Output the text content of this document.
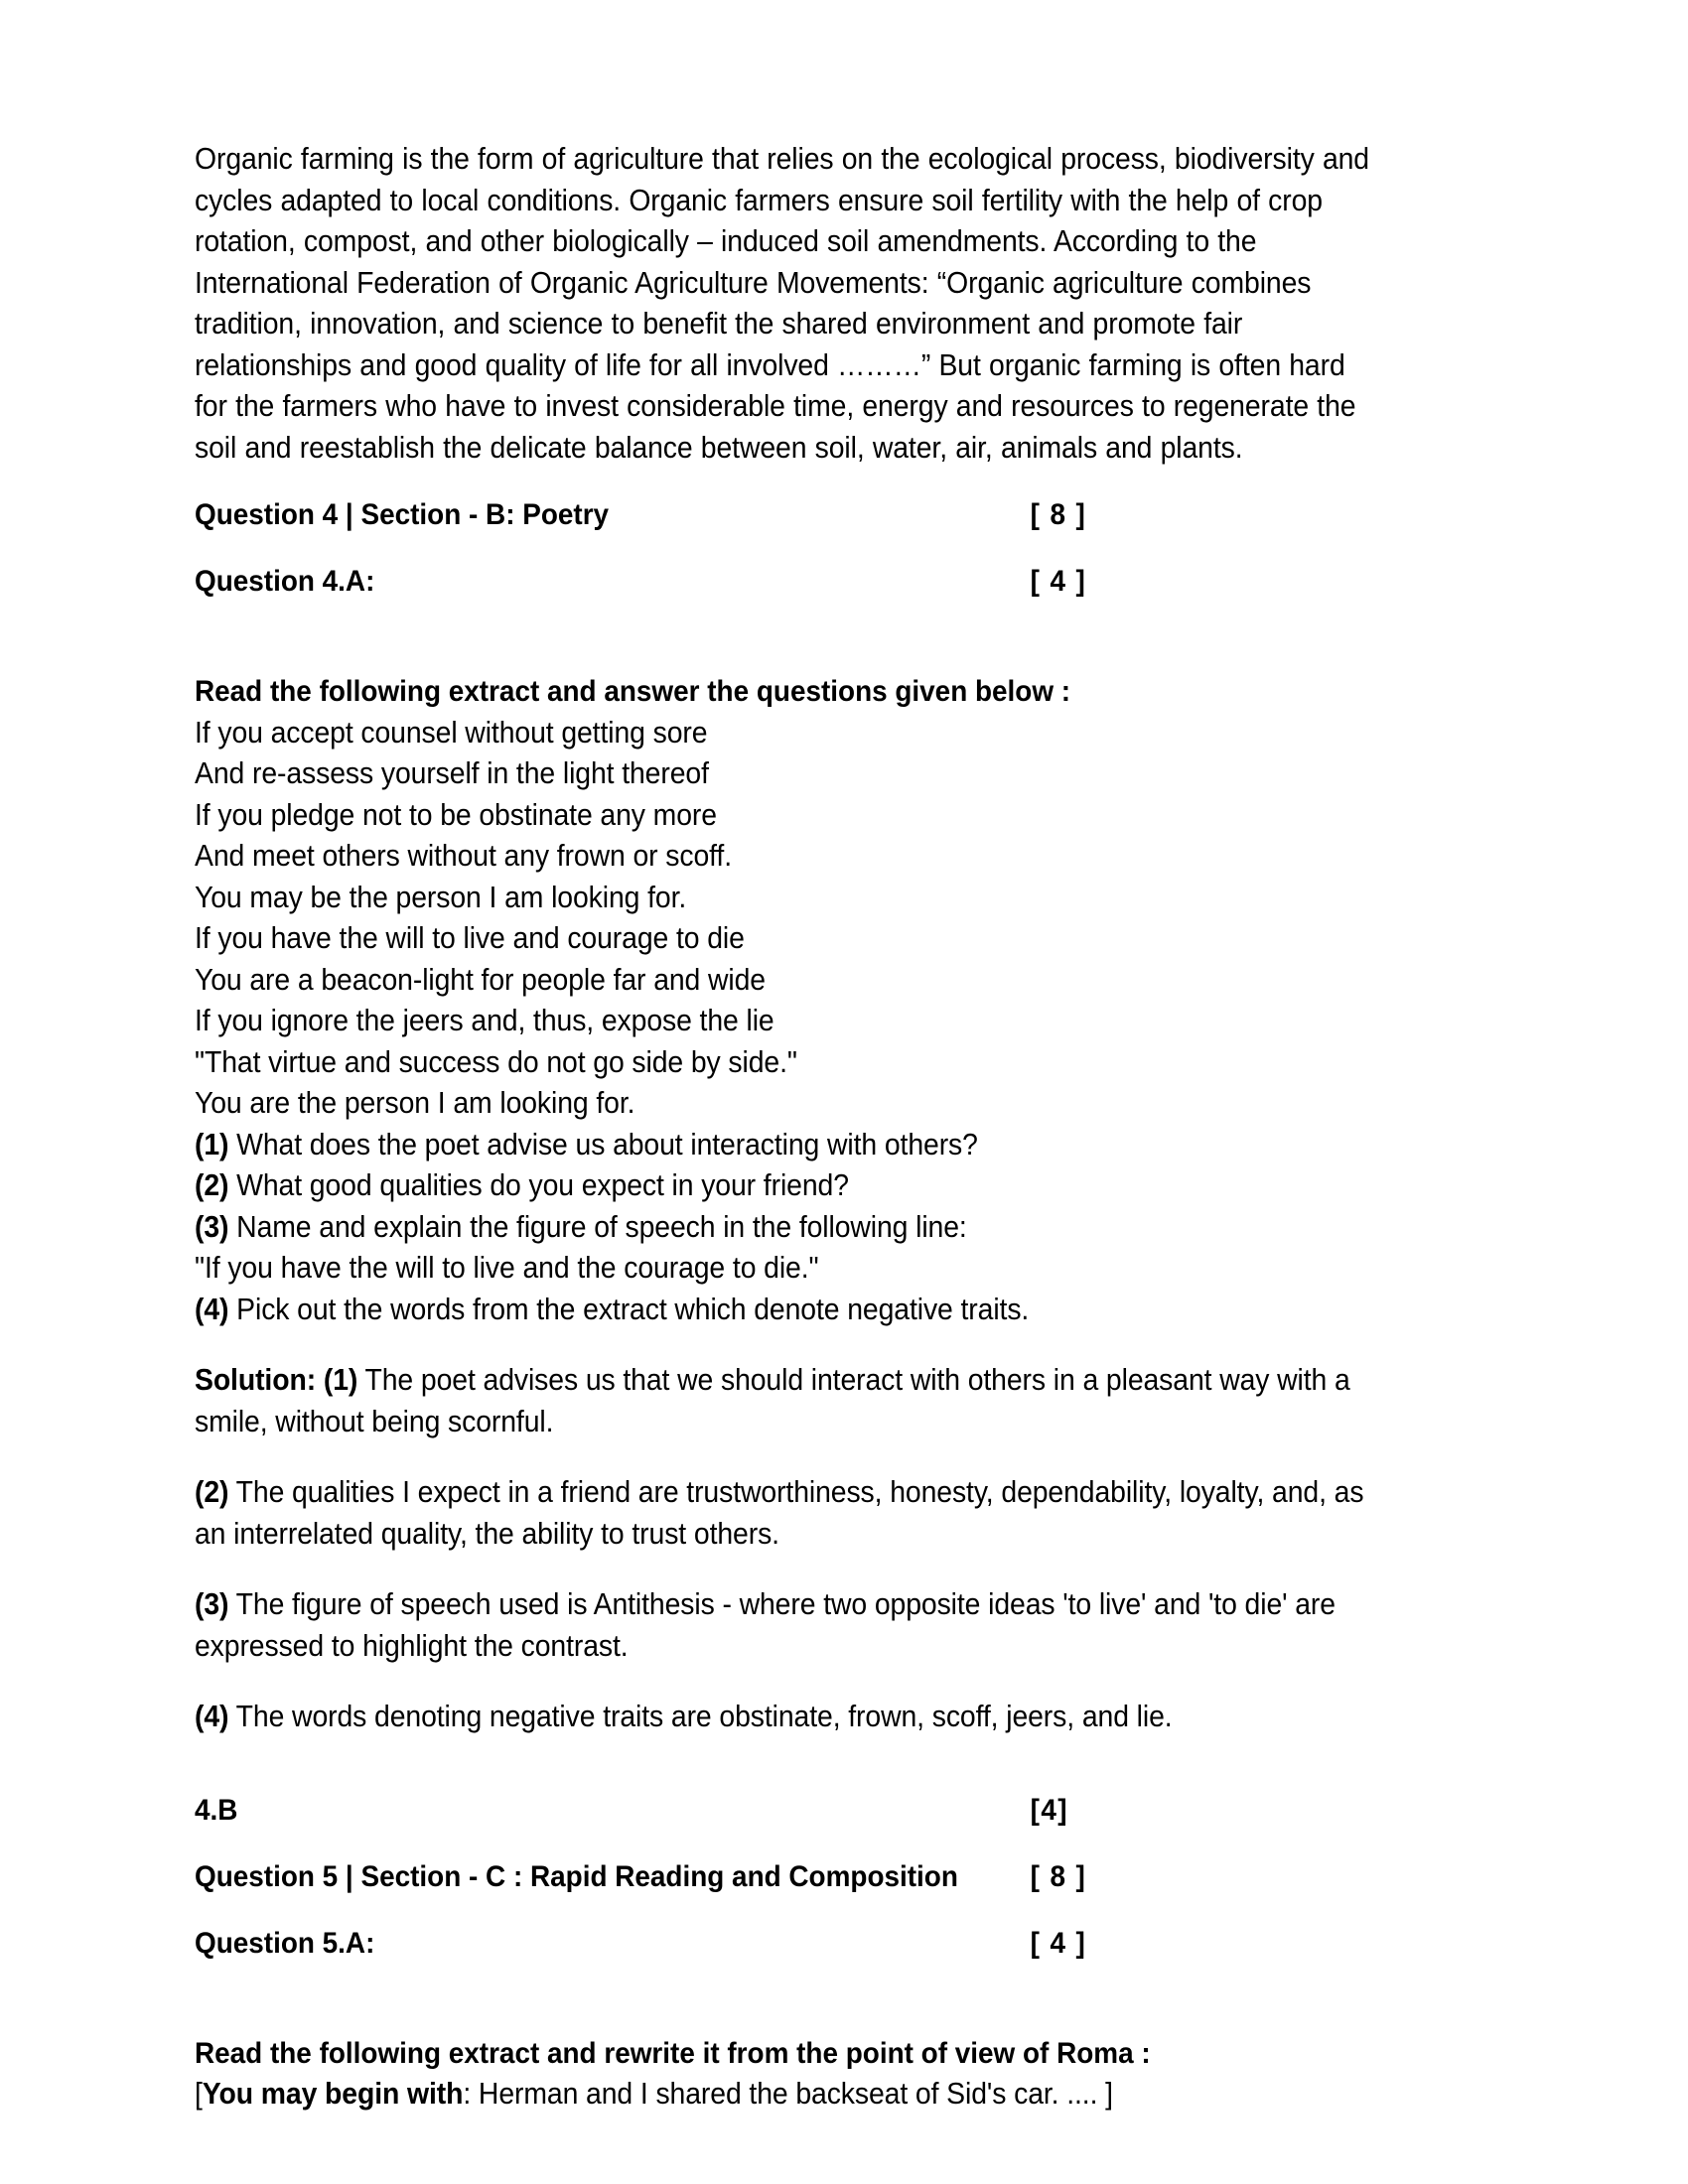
Organic farming is the form of agriculture that relies on the ecological process, biodiversity and cycles adapted to local conditions. Organic farmers ensure soil fertility with the help of crop rotation, compost, and other biologically – induced soil amendments. According to the International Federation of Organic Agriculture Movements: “Organic agriculture combines tradition, innovation, and science to benefit the shared environment and promote fair relationships and good quality of life for all involved ………” But organic farming is often hard for the farmers who have to invest considerable time, energy and resources to regenerate the soil and reestablish the delicate balance between soil, water, air, animals and plants.

Question 4 | Section - B: Poetry	[ 8 ]
Question 4.A:	[ 4 ]
Read the following extract and answer the questions given below :
If you accept counsel without getting sore
And re-assess yourself in the light thereof
If you pledge not to be obstinate any more
And meet others without any frown or scoff.
You may be the person I am looking for.
If you have the will to live and courage to die
You are a beacon-light for people far and wide
If you ignore the jeers and, thus, expose the lie
"That virtue and success do not go side by side."
You are the person I am looking for.
(1) What does the poet advise us about interacting with others?
(2) What good qualities do you expect in your friend?
(3) Name and explain the figure of speech in the following line:
"If you have the will to live and the courage to die."
(4) Pick out the words from the extract which denote negative traits.

Solution: (1) The poet advises us that we should interact with others in a pleasant way with a smile, without being scornful.

(2) The qualities I expect in a friend are trustworthiness, honesty, dependability, loyalty, and, as an interrelated quality, the ability to trust others.

(3) The figure of speech used is Antithesis - where two opposite ideas 'to live' and 'to die' are expressed to highlight the contrast.

(4) The words denoting negative traits are obstinate, frown, scoff, jeers, and lie.

4.B	[4]
Question 5 | Section - C : Rapid Reading and Composition [ 8 ]
Question 5.A:	[ 4 ]
Read the following extract and rewrite it from the point of view of Roma :
[You may begin with: Herman and I shared the backseat of Sid's car. .... ]
